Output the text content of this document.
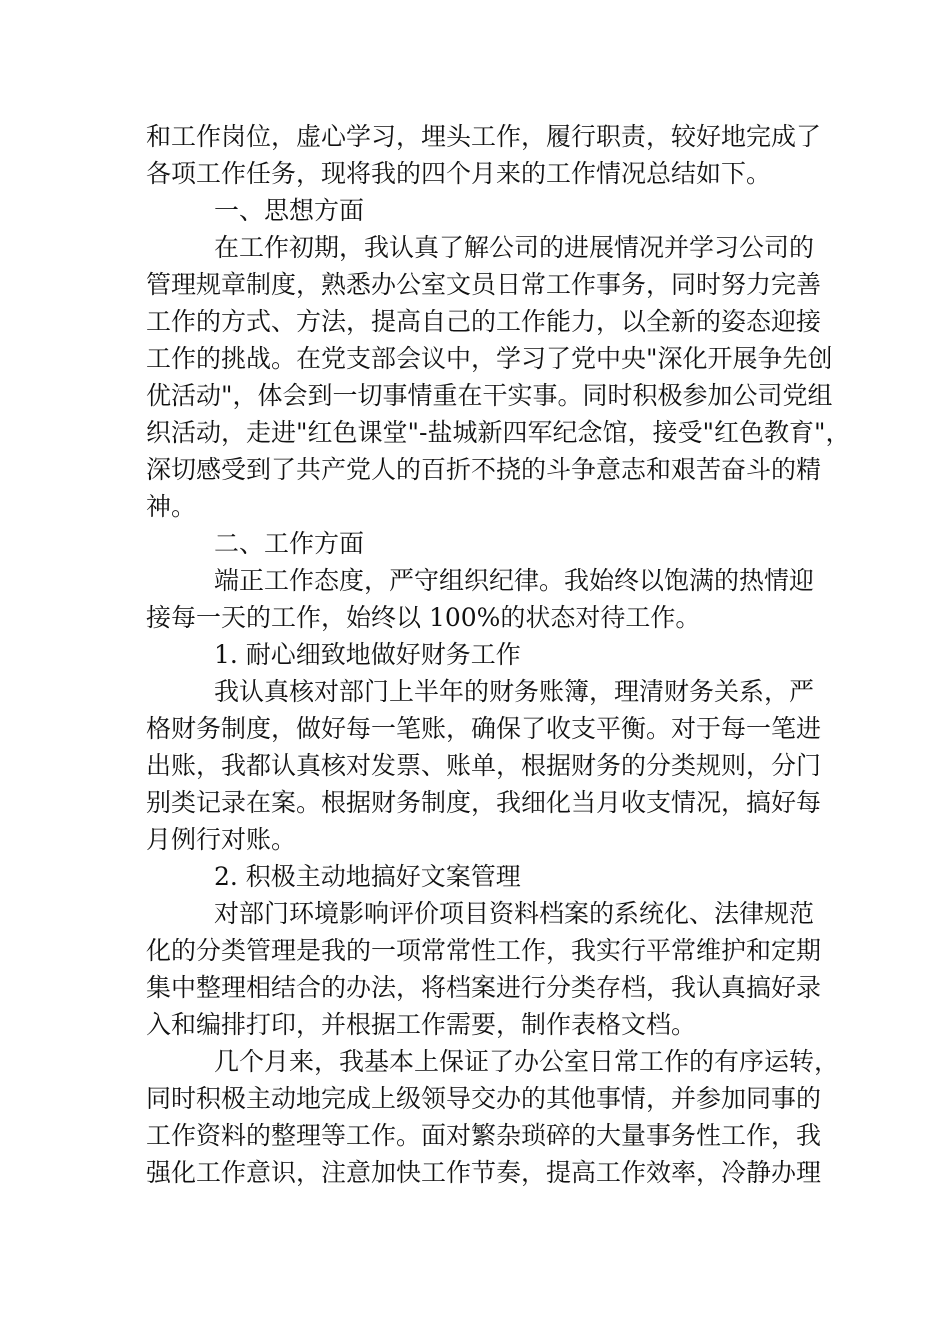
和工作岗位，虚心学习，埋头工作，履行职责，较好地完成了
各项工作任务，现将我的四个月来的工作情况总结如下。
一、思想方面
在工作初期，我认真了解公司的进展情况并学习公司的
管理规章制度，熟悉办公室文员日常工作事务，同时努力完善
工作的方式、方法，提高自己的工作能力，以全新的姿态迎接
工作的挑战。在党支部会议中，学习了党中央"深化开展争先创
优活动"，体会到一切事情重在干实事。同时积极参加公司党组
织活动，走进"红色课堂"-盐城新四军纪念馆，接受"红色教育"，
深切感受到了共产党人的百折不挠的斗争意志和艰苦奋斗的精
神。
二、工作方面
端正工作态度，严守组织纪律。我始终以饱满的热情迎
接每一天的工作，始终以 100%的状态对待工作。
1. 耐心细致地做好财务工作
我认真核对部门上半年的财务账簿，理清财务关系，严
格财务制度，做好每一笔账，确保了收支平衡。对于每一笔进
出账，我都认真核对发票、账单，根据财务的分类规则，分门
别类记录在案。根据财务制度，我细化当月收支情况，搞好每
月例行对账。
2. 积极主动地搞好文案管理
对部门环境影响评价项目资料档案的系统化、法律规范
化的分类管理是我的一项常常性工作，我实行平常维护和定期
集中整理相结合的办法，将档案进行分类存档，我认真搞好录
入和编排打印，并根据工作需要，制作表格文档。
几个月来，我基本上保证了办公室日常工作的有序运转，
同时积极主动地完成上级领导交办的其他事情，并参加同事的
工作资料的整理等工作。面对繁杂琐碎的大量事务性工作，我
强化工作意识，注意加快工作节奏，提高工作效率，冷静办理
